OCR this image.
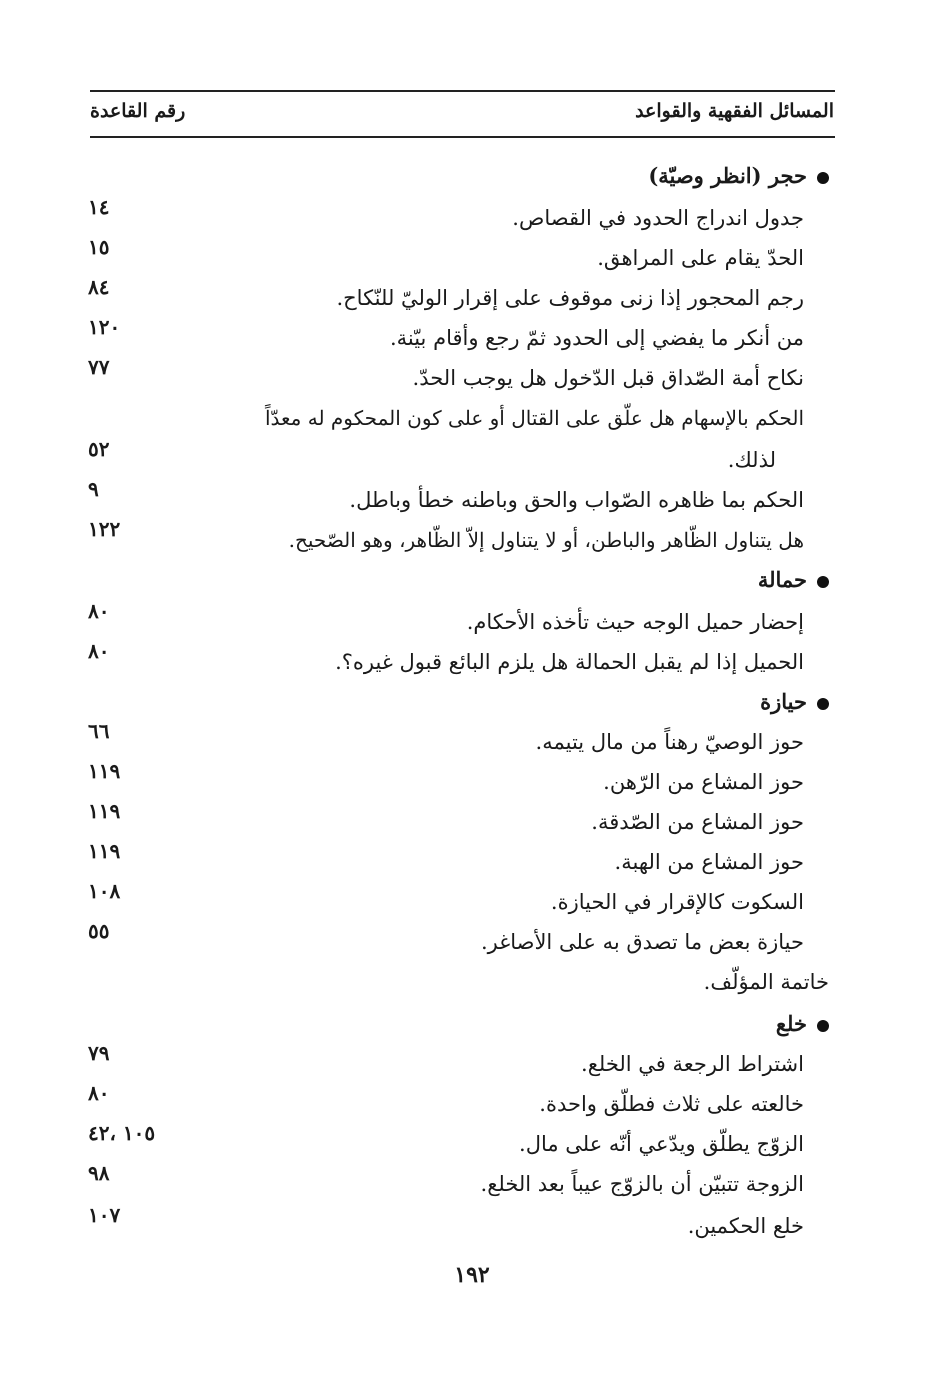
المسائل الفقهية والقواعد
رقم القاعدة
حجر (انظر وصيّة)
جدول اندراج الحدود في القصاص.
١٤
الحدّ يقام على المراهق.
١٥
رجم المحجور إذا زنى موقوف على إقرار الوليّ للنّكاح.
٨٤
من أنكر ما يفضي إلى الحدود ثمّ رجع وأقام بيّنة.
١٢٠
نكاح أمة الصّداق قبل الدّخول هل يوجب الحدّ.
٧٧
الحكم بالإسهام هل علّق على القتال أو على كون المحكوم له معدّاً
لذلك.
٥٢
الحكم بما ظاهره الصّواب والحق وباطنه خطأ وباطل.
٩
هل يتناول الظّاهر والباطن، أو لا يتناول إلاّ الظّاهر، وهو الصّحيح.
١٢٢
حمالة
إحضار حميل الوجه حيث تأخذه الأحكام.
٨٠
الحميل إذا لم يقبل الحمالة هل يلزم البائع قبول غيره؟.
٨٠
حيازة
حوز الوصيّ رهناً من مال يتيمه.
٦٦
حوز المشاع من الرّهن.
١١٩
حوز المشاع من الصّدقة.
١١٩
حوز المشاع من الهبة.
١١٩
السكوت كالإقرار في الحيازة.
١٠٨
حيازة بعض ما تصدق به على الأصاغر.
٥٥
خاتمة المؤلّف.
خلع
اشتراط الرجعة في الخلع.
٧٩
خالعته على ثلاث فطلّق واحدة.
٨٠
الزوّج يطلّق ويدّعي أنّه على مال.
١٠٥ ،٤٢
الزوجة تتبيّن أن بالزوّج عيباً بعد الخلع.
٩٨
خلع الحكمين.
١٠٧
١٩٢
